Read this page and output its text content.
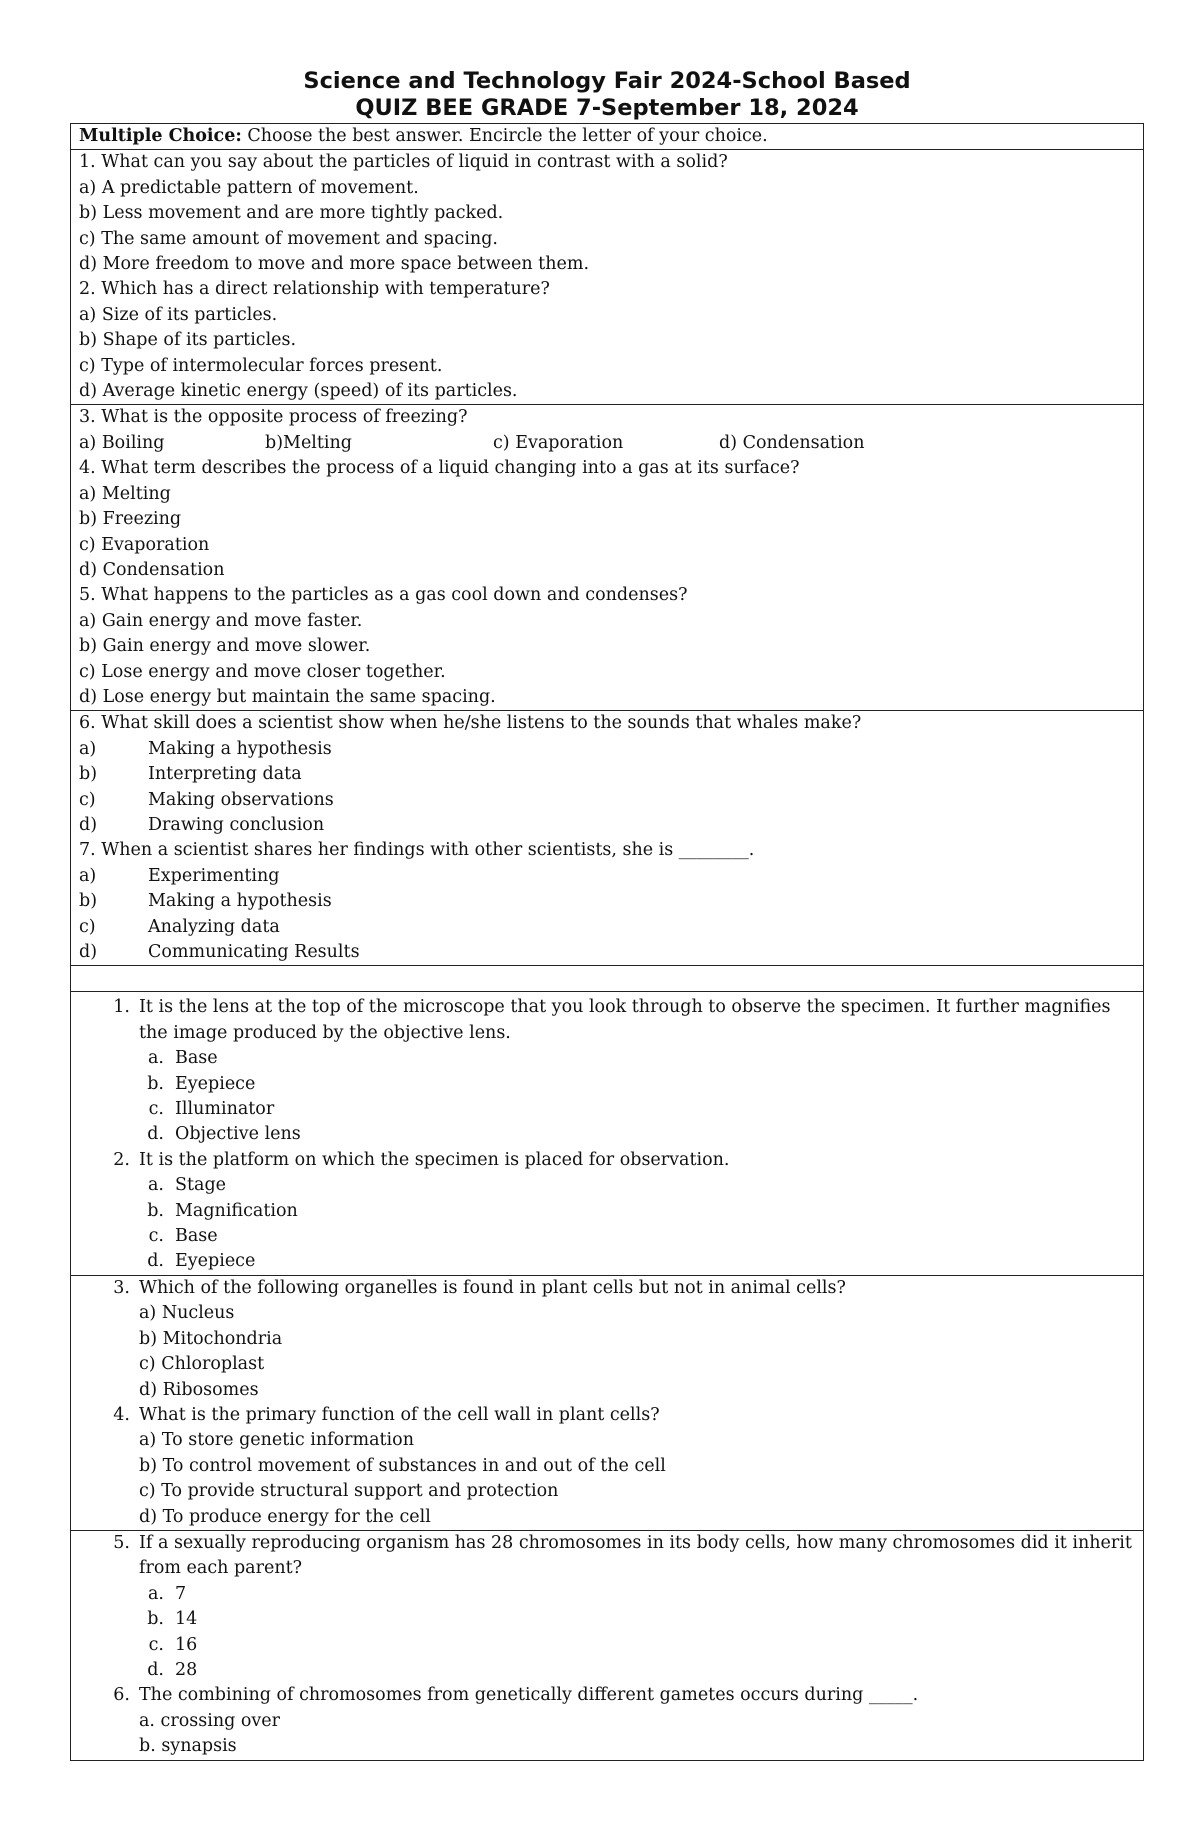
Science and Technology Fair 2024-School Based
QUIZ BEE GRADE 7-September 18, 2024
Multiple Choice: Choose the best answer. Encircle the letter of your choice.

1. What can you say about the particles of liquid in contrast with a solid?
a) A predictable pattern of movement.
b) Less movement and are more tightly packed.
c) The same amount of movement and spacing.
d) More freedom to move and more space between them.
2. Which has a direct relationship with temperature?
a) Size of its particles.
b) Shape of its particles.
c) Type of intermolecular forces present.
d) Average kinetic energy (speed) of its particles.

3. What is the opposite process of freezing?
a) Boiling	b)Melting	c) Evaporation	d) Condensation
4. What term describes the process of a liquid changing into a gas at its surface?
a) Melting
b) Freezing
c) Evaporation
d) Condensation
5. What happens to the particles as a gas cool down and condenses?
a) Gain energy and move faster.
b) Gain energy and move slower.
c) Lose energy and move closer together.
d) Lose energy but maintain the same spacing.

6. What skill does a scientist show when he/she listens to the sounds that whales make?
a)	Making a hypothesis
b)	Interpreting data
c)	Making observations
d)	Drawing conclusion
7. When a scientist shares her findings with other scientists, she is ________.
a)	Experimenting
b)	Making a hypothesis
c)	Analyzing data
d)	Communicating Results

1. It is the lens at the top of the microscope that you look through to observe the specimen. It further magnifies the image produced by the objective lens.
a. Base
b. Eyepiece
c. Illuminator
d. Objective lens
2. It is the platform on which the specimen is placed for observation.
a. Stage
b. Magnification
c. Base
d. Eyepiece

3. Which of the following organelles is found in plant cells but not in animal cells?
a) Nucleus
b) Mitochondria
c) Chloroplast
d) Ribosomes
4. What is the primary function of the cell wall in plant cells?
a) To store genetic information
b) To control movement of substances in and out of the cell
c) To provide structural support and protection
d) To produce energy for the cell

5. If a sexually reproducing organism has 28 chromosomes in its body cells, how many chromosomes did it inherit from each parent?
a. 7
b. 14
c. 16
d. 28
6. The combining of chromosomes from genetically different gametes occurs during _____.
a. crossing over
b. synapsis
